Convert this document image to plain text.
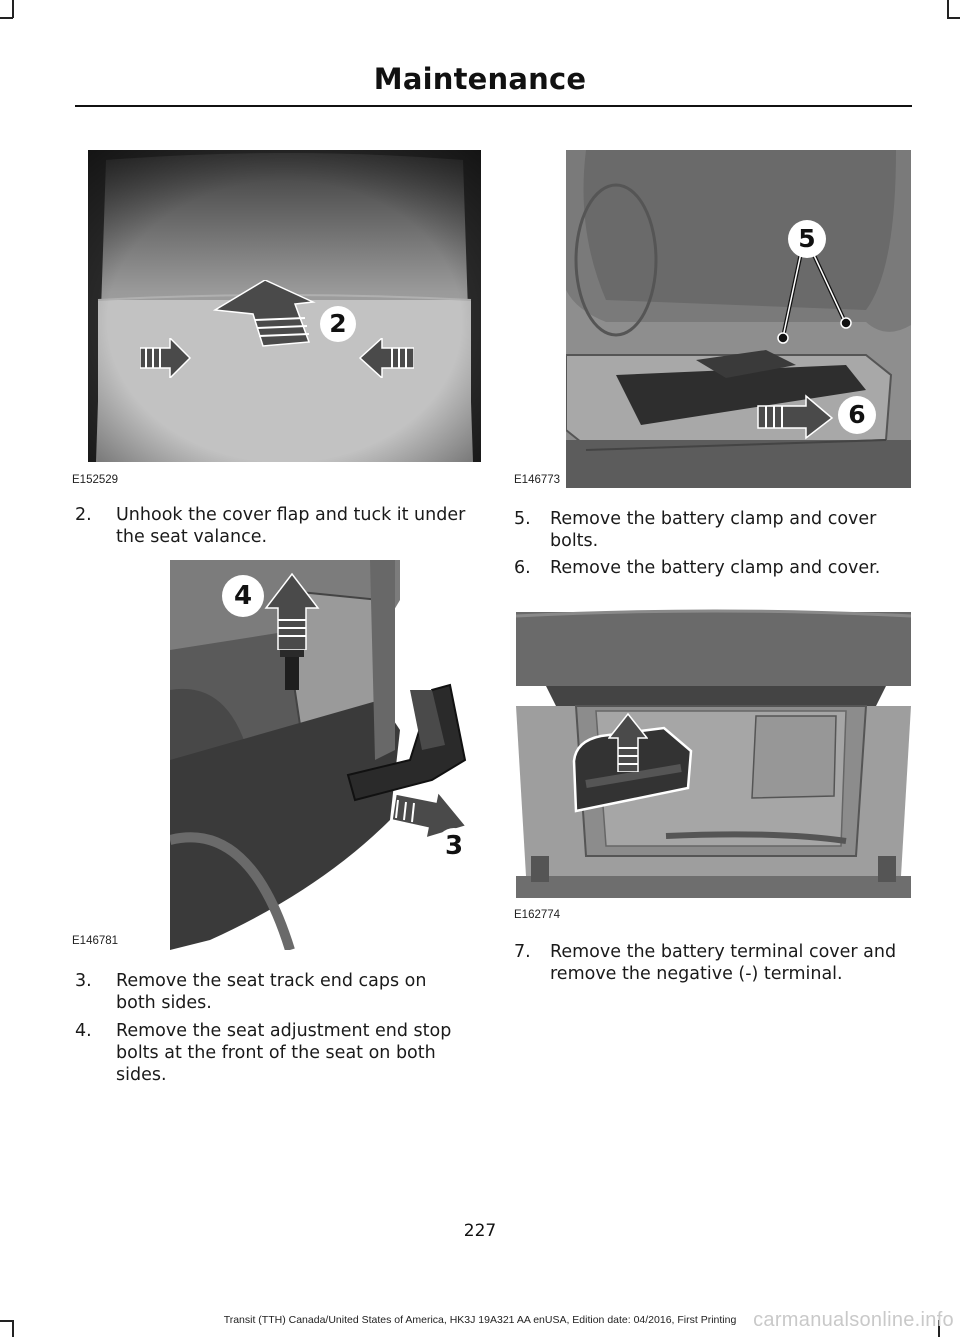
Maintenance
2
E152529
5
6
E146773
2. Unhook the cover flap and tuck it under
the seat valance.
5. Remove the battery clamp and cover
bolts.
6. Remove the battery clamp and cover.
4
3
E146781
E162774
3. Remove the seat track end caps on
both sides.
4. Remove the seat adjustment end stop
bolts at the front of the seat on both
sides.
7. Remove the battery terminal cover and
remove the negative (-) terminal.
227
Transit (TTH) Canada/United States of America, HK3J 19A321 AA enUSA, Edition date: 04/2016, First Printing carmanualsonline.info
